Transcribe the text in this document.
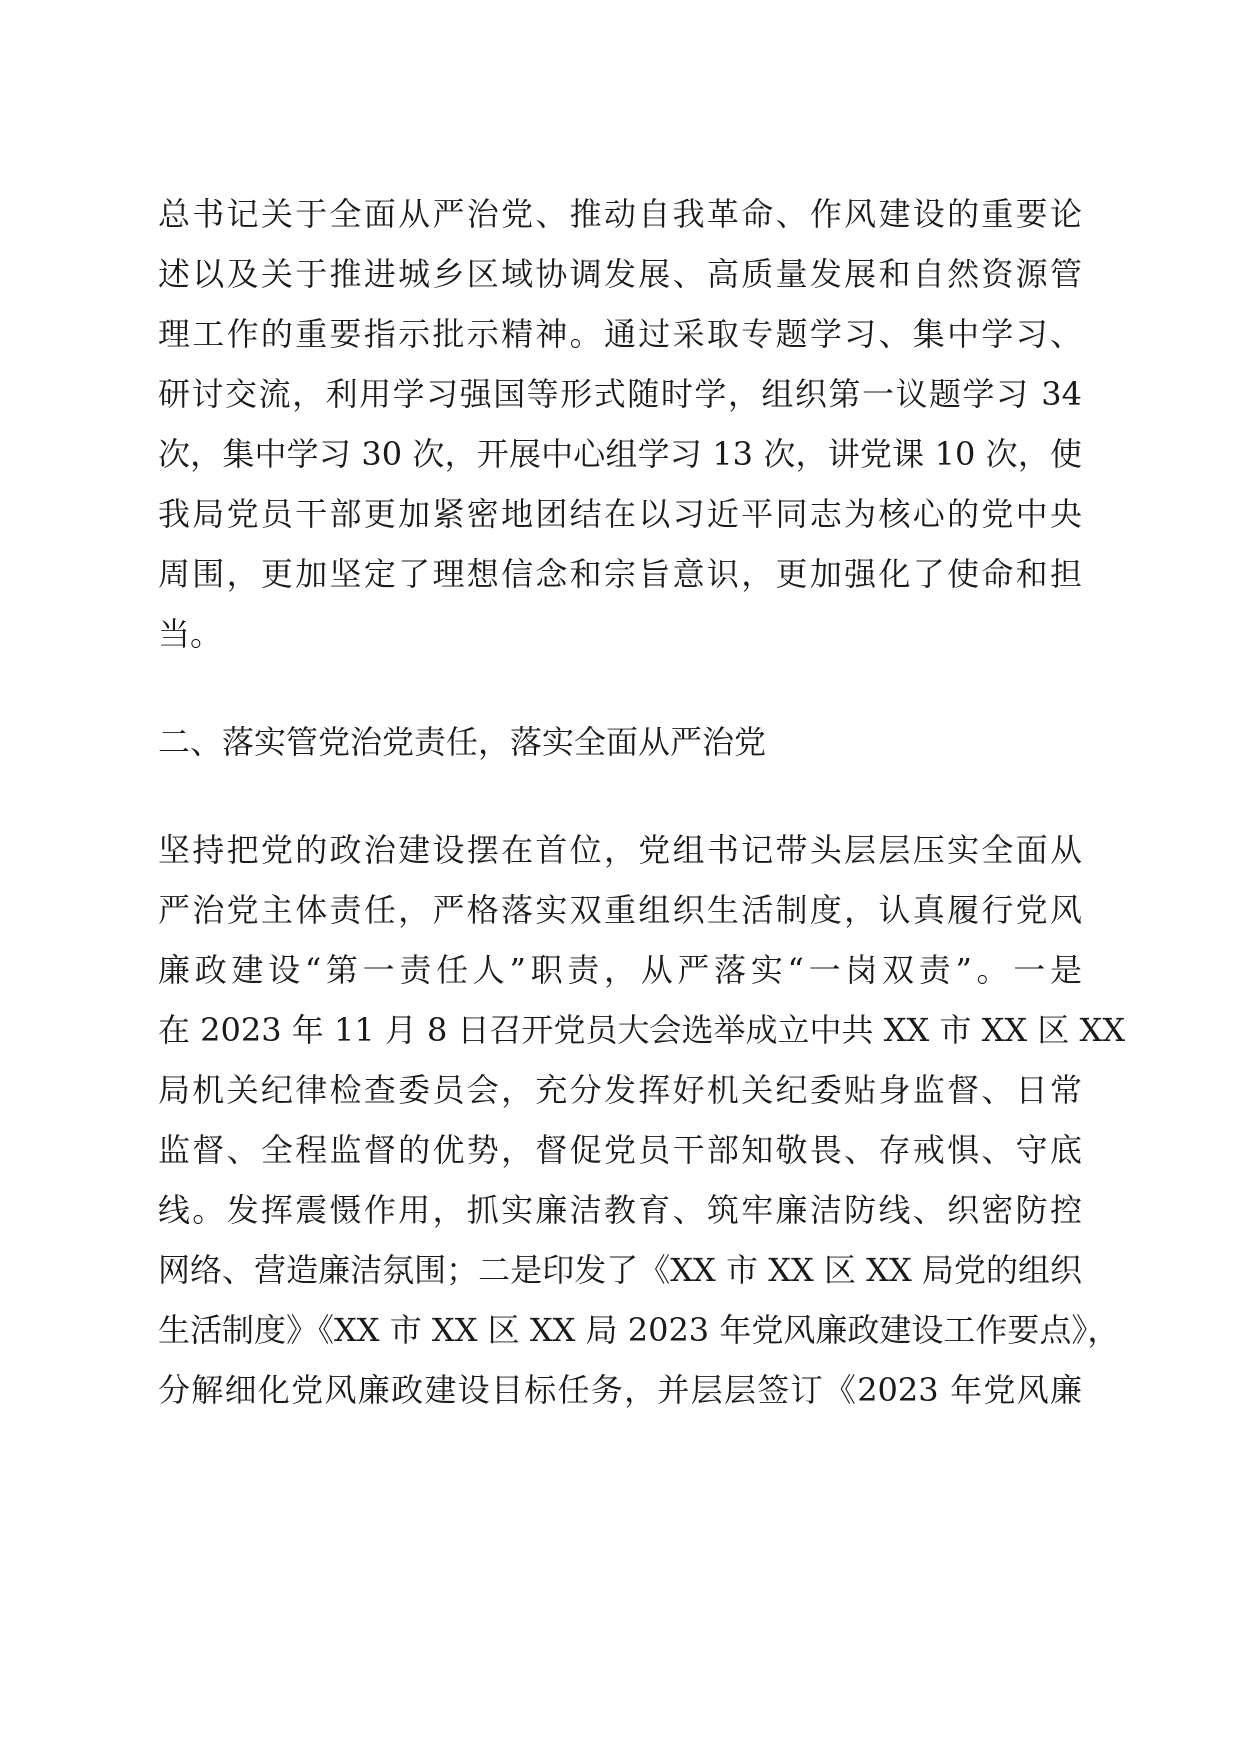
总书记关于全面从严治党、推动自我革命、作风建设的重要论
述以及关于推进城乡区域协调发展、高质量发展和自然资源管
理工作的重要指示批示精神。通过采取专题学习、集中学习、
研讨交流，利用学习强国等形式随时学，组织第一议题学习 34
次，集中学习 30 次，开展中心组学习 13 次，讲党课 10 次，使
我局党员干部更加紧密地团结在以习近平同志为核心的党中央
周围，更加坚定了理想信念和宗旨意识，更加强化了使命和担
当。
二、落实管党治党责任，落实全面从严治党
坚持把党的政治建设摆在首位，党组书记带头层层压实全面从
严治党主体责任，严格落实双重组织生活制度，认真履行党风
廉政建设“第一责任人”职责，从严落实“一岗双责”。一是
在 2023 年 11 月 8 日召开党员大会选举成立中共 XX 市 XX 区 XX
局机关纪律检查委员会，充分发挥好机关纪委贴身监督、日常
监督、全程监督的优势，督促党员干部知敬畏、存戒惧、守底
线。发挥震慑作用，抓实廉洁教育、筑牢廉洁防线、织密防控
网络、营造廉洁氛围；二是印发了《XX 市 XX 区 XX 局党的组织
生活制度》《XX 市 XX 区 XX 局 2023 年党风廉政建设工作要点》，
分解细化党风廉政建设目标任务，并层层签订《2023 年党风廉
